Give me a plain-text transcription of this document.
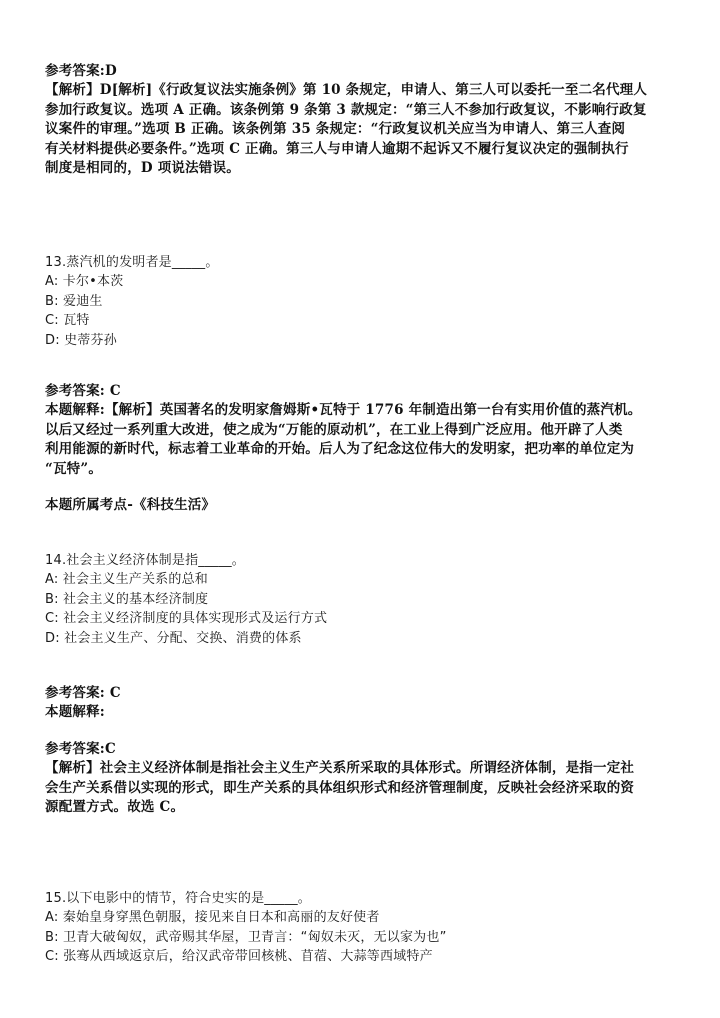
参考答案:D
【解析】D[解析]《行政复议法实施条例》第 10 条规定，申请人、第三人可以委托一至二名代理人
参加行政复议。选项 A 正确。该条例第 9 条第 3 款规定：“第三人不参加行政复议，不影响行政复
议案件的审理。”选项 B 正确。该条例第 35 条规定：“行政复议机关应当为申请人、第三人查阅
有关材料提供必要条件。”选项 C 正确。第三人与申请人逾期不起诉又不履行复议决定的强制执行
制度是相同的，D 项说法错误。
13.蒸汽机的发明者是_____。
A: 卡尔•本茨
B: 爱迪生
C: 瓦特
D: 史蒂芬孙
参考答案: C
本题解释:【解析】英国著名的发明家詹姆斯•瓦特于 1776 年制造出第一台有实用价值的蒸汽机。
以后又经过一系列重大改进，使之成为“万能的原动机”，在工业上得到广泛应用。他开辟了人类
利用能源的新时代，标志着工业革命的开始。后人为了纪念这位伟大的发明家，把功率的单位定为
“瓦特”。
本题所属考点-《科技生活》
14.社会主义经济体制是指_____。
A: 社会主义生产关系的总和
B: 社会主义的基本经济制度
C: 社会主义经济制度的具体实现形式及运行方式
D: 社会主义生产、分配、交换、消费的体系
参考答案: C
本题解释:
参考答案:C
【解析】社会主义经济体制是指社会主义生产关系所采取的具体形式。所谓经济体制，是指一定社
会生产关系借以实现的形式，即生产关系的具体组织形式和经济管理制度，反映社会经济采取的资
源配置方式。故选 C。
15.以下电影中的情节，符合史实的是_____。
A: 秦始皇身穿黑色朝服，接见来自日本和高丽的友好使者
B: 卫青大破匈奴，武帝赐其华屋，卫青言：“匈奴未灭，无以家为也”
C: 张骞从西域返京后，给汉武帝带回核桃、苜蓿、大蒜等西域特产
